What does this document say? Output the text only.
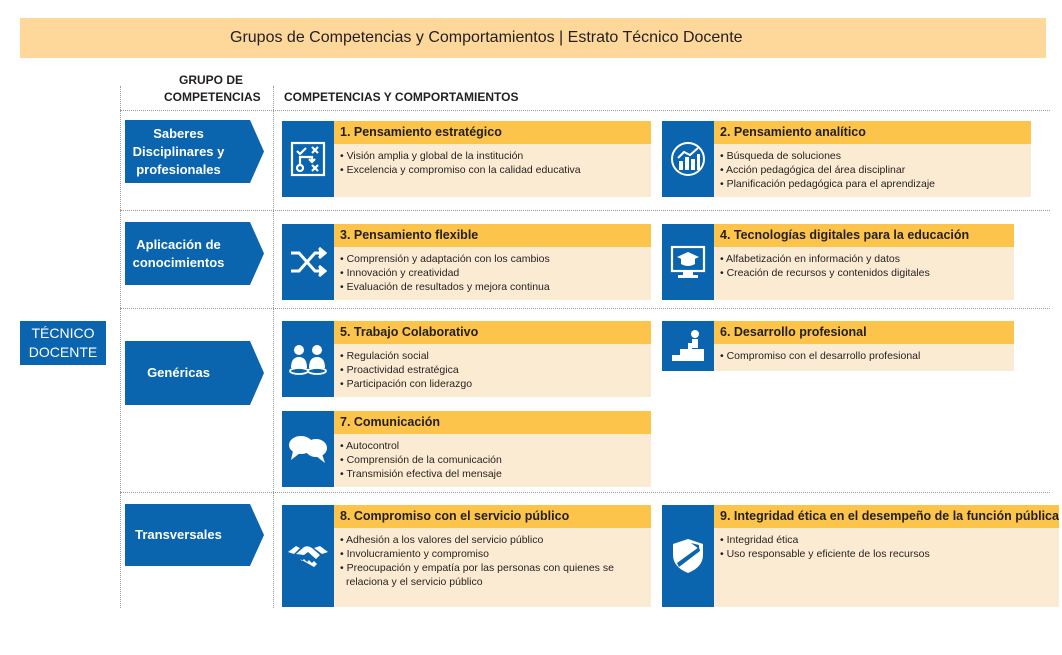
Grupos de Competencias y Comportamientos | Estrato Técnico Docente
GRUPO DE
COMPETENCIAS COMPETENCIAS Y COMPORTAMIENTOS
TÉCNICO
DOCENTE
Saberes
Disciplinares y
profesionales
Aplicación de
conocimientos
Genéricas
Transversales
1. Pensamiento estratégico
• Visión amplia y global de la institución
• Excelencia y compromiso con la calidad educativa
2. Pensamiento analítico
• Búsqueda de soluciones
• Acción pedagógica del área disciplinar
• Planificación pedagógica para el aprendizaje
3. Pensamiento flexible
• Comprensión y adaptación con los cambios
• Innovación y creatividad
• Evaluación de resultados y mejora continua
4. Tecnologías digitales para la educación
• Alfabetización en información y datos
• Creación de recursos y contenidos digitales
5. Trabajo Colaborativo
• Regulación social
• Proactividad estratégica
• Participación con liderazgo
6. Desarrollo profesional
• Compromiso con el desarrollo profesional
7. Comunicación
• Autocontrol
• Comprensión de la comunicación
• Transmisión efectiva del mensaje
8. Compromiso con el servicio público
• Adhesión a los valores del servicio público
• Involucramiento y compromiso
• Preocupación y empatía por las personas con quienes se
relaciona y el servicio público
9. Integridad ética en el desempeño de la función pública
• Integridad ética
• Uso responsable y eficiente de los recursos
